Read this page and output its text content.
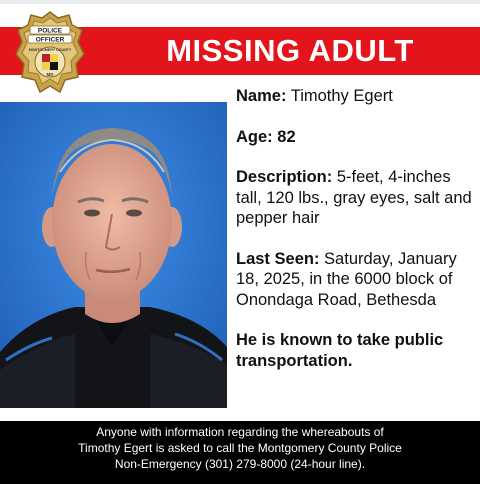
MISSING ADULT
POLICE
OFFICER
MONTGOMERY COUNTY
MD

Name: Timothy Egert

Age: 82

Description: 5-feet, 4-inches tall, 120 lbs., gray eyes, salt and pepper hair

Last Seen: Saturday, January 18, 2025, in the 6000 block of Onondaga Road, Bethesda

He is known to take public transportation.

Anyone with information regarding the whereabouts of
Timothy Egert is asked to call the Montgomery County Police
Non-Emergency (301) 279-8000 (24-hour line).
